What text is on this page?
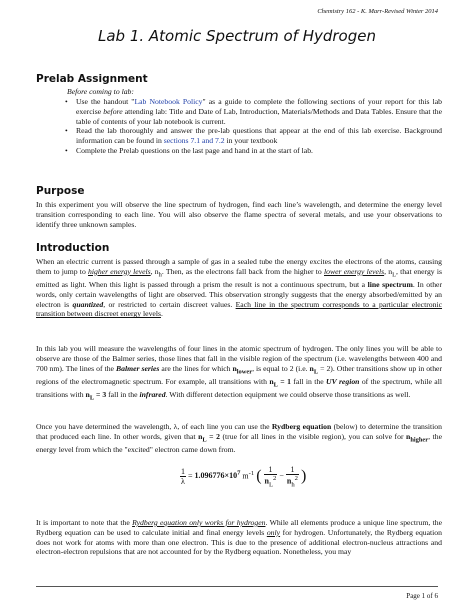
Chemistry 162 - K. Marr-Revised Winter 2014
Lab 1. Atomic Spectrum of Hydrogen
Prelab Assignment
Before coming to lab:
• Use the handout "Lab Notebook Policy" as a guide to complete the following sections of your report for this lab exercise before attending lab: Title and Date of Lab, Introduction, Materials/Methods and Data Tables. Ensure that the table of contents of your lab notebook is current.
• Read the lab thoroughly and answer the pre-lab questions that appear at the end of this lab exercise. Background information can be found in sections 7.1 and 7.2 in your textbook
• Complete the Prelab questions on the last page and hand in at the start of lab.
Purpose

In this experiment you will observe the line spectrum of hydrogen, find each line’s wavelength, and determine the energy level transition corresponding to each line. You will also observe the flame spectra of several metals, and use your observations to identify three unknown samples.

Introduction

When an electric current is passed through a sample of gas in a sealed tube the energy excites the electrons of the atoms, causing them to jump to higher energy levels, $n_h$. Then, as the electrons fall back from the higher to lower energy levels, $n_L$, that energy is emitted as light. When this light is passed through a prism the result is not a continuous spectrum, but a line spectrum. In other words, only certain wavelengths of light are observed. This observation strongly suggests that the energy absorbed/emitted by an electron is quantized, or restricted to certain discreet values. Each line in the spectrum corresponds to a particular electronic transition between discreet energy levels.

In this lab you will measure the wavelengths of four lines in the atomic spectrum of hydrogen. The only lines you will be able to observe are those of the Balmer series, those lines that fall in the visible region of the spectrum (i.e. wavelengths between 400 and 700 nm). The lines of the Balmer series are the lines for which $n_{lower}$, is equal to 2 (i.e. $n_L = 2$). Other transitions show up in other regions of the electromagnetic spectrum. For example, all transitions with $n_L = 1$ fall in the UV region of the spectrum, while all transitions with $n_L = 3$ fall in the infrared. With different detection equipment we could observe those transitions as well.

Once you have determined the wavelength, λ, of each line you can use the Rydberg equation (below) to determine the transition that produced each line. In other words, given that $n_L = 2$ (true for all lines in the visible region), you can solve for $n_{higher}$, the energy level from which the "excited" electron came down from.

$\frac{1}{\lambda} = 1.096776\times 10^7$ $m^{-1}$ ( $\frac{1}{n_L^2} - \frac{1}{n_h^2}$ )

It is important to note that the Rydberg equation only works for hydrogen. While all elements produce a unique line spectrum, the Rydberg equation can be used to calculate initial and final energy levels only for hydrogen. Unfortunately, the Rydberg equation does not work for atoms with more than one electron. This is due to the presence of additional electron-nucleus attractions and electron-electron repulsions that are not accounted for by the Rydberg equation. Nonetheless, you may

Page 1 of 6
